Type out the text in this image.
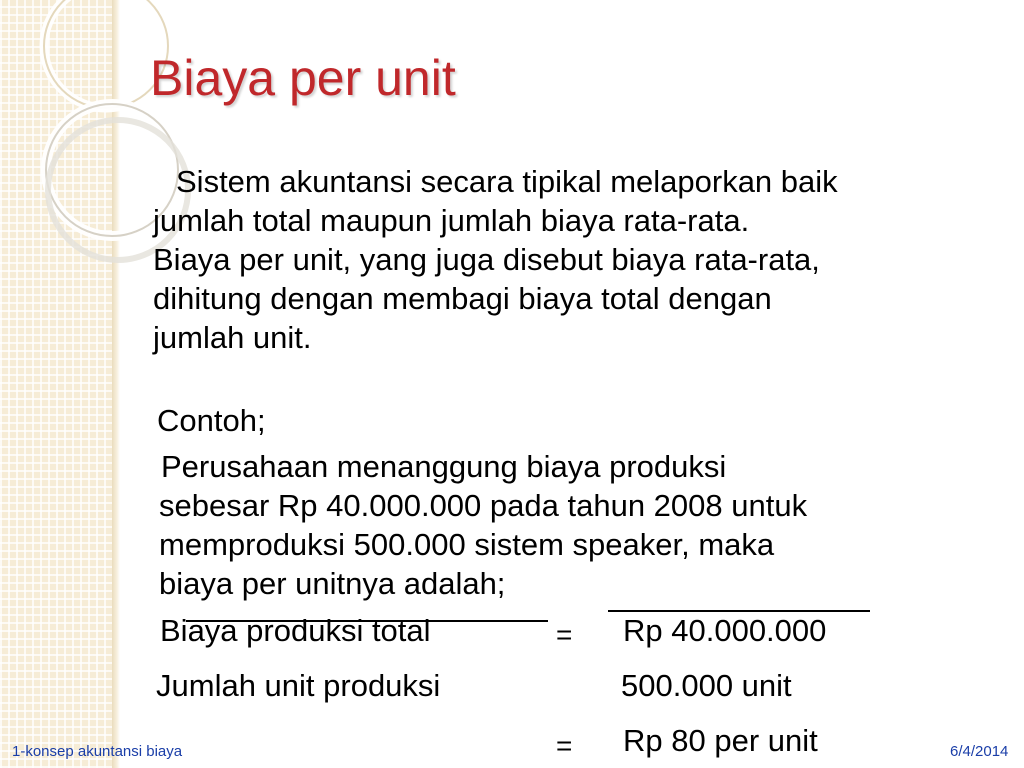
Biaya per unit
Sistem akuntansi secara tipikal melaporkan baik
jumlah total maupun jumlah biaya rata-rata.
Biaya per unit, yang juga disebut biaya rata-rata,
dihitung dengan membagi biaya total dengan
jumlah unit.
Contoh;
Perusahaan menanggung biaya produksi
sebesar Rp 40.000.000 pada tahun 2008 untuk
memproduksi 500.000 sistem speaker, maka
biaya per unitnya adalah;
Biaya produksi total	= Rp 40.000.000
Jumlah unit produksi	500.000 unit
= Rp 80 per unit
1-konsep akuntansi biaya	6/4/2014
